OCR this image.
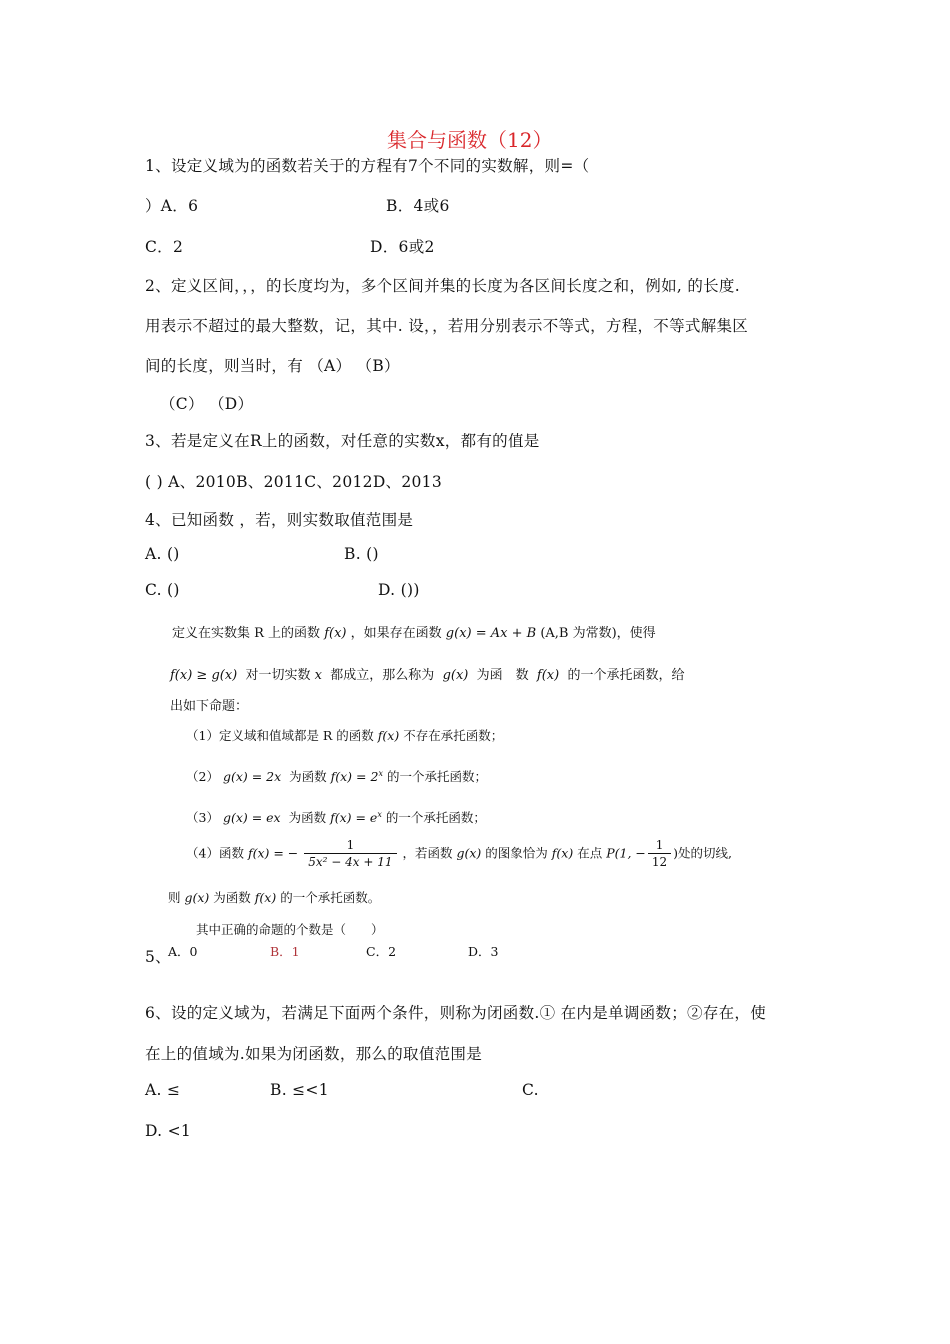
集合与函数（12）
1、设定义域为的函数若关于的方程有7个不同的实数解，则=（
）A．6	B．4或6
C．2	D．6或2
2、定义区间，，，的长度均为，多个区间并集的长度为各区间长度之和，例如, 的长度.
用表示不超过的最大整数，记，其中. 设，，若用分别表示不等式，方程，不等式解集区
间的长度，则当时，有 （A） （B）
（C） （D）
3、若是定义在R上的函数，对任意的实数x，都有的值是
( ) A、2010B、2011C、2012D、2013
4、已知函数 ，若，则实数取值范围是
A. ()	B. ()
C. ()	D. ())
定义在实数集 R 上的函数 f(x) ，如果存在函数 g(x) = Ax + B (A,B 为常数)，使得
f(x) ≥ g(x) 对一切实数 x 都成立，那么称为 g(x) 为函　数 f(x) 的一个承托函数，给
出如下命题：
（1）定义域和值域都是 R 的函数 f(x) 不存在承托函数；
（2） g(x) = 2x 为函数 $f(x) = 2^x$ 的一个承托函数；
（3） g(x) = ex 为函数 $f(x) = e^x$ 的一个承托函数；
（4）函数 f(x) = − $\frac{1}{\text{5x² − 4x + 11}}$ ，若函数 g(x) 的图象恰为 f(x) 在点 P(1, − $\frac{1}{12}$ )处的切线,
则 g(x) 为函数 f(x) 的一个承托函数。
其中正确的命题的个数是（　　）
5、
A．0	B．1	C．2	D．3
6、设的定义域为，若满足下面两个条件，则称为闭函数.① 在内是单调函数；②存在，使
在上的值域为.如果为闭函数，那么的取值范围是
A. ≤	B. ≤<1	C.
D. <1
